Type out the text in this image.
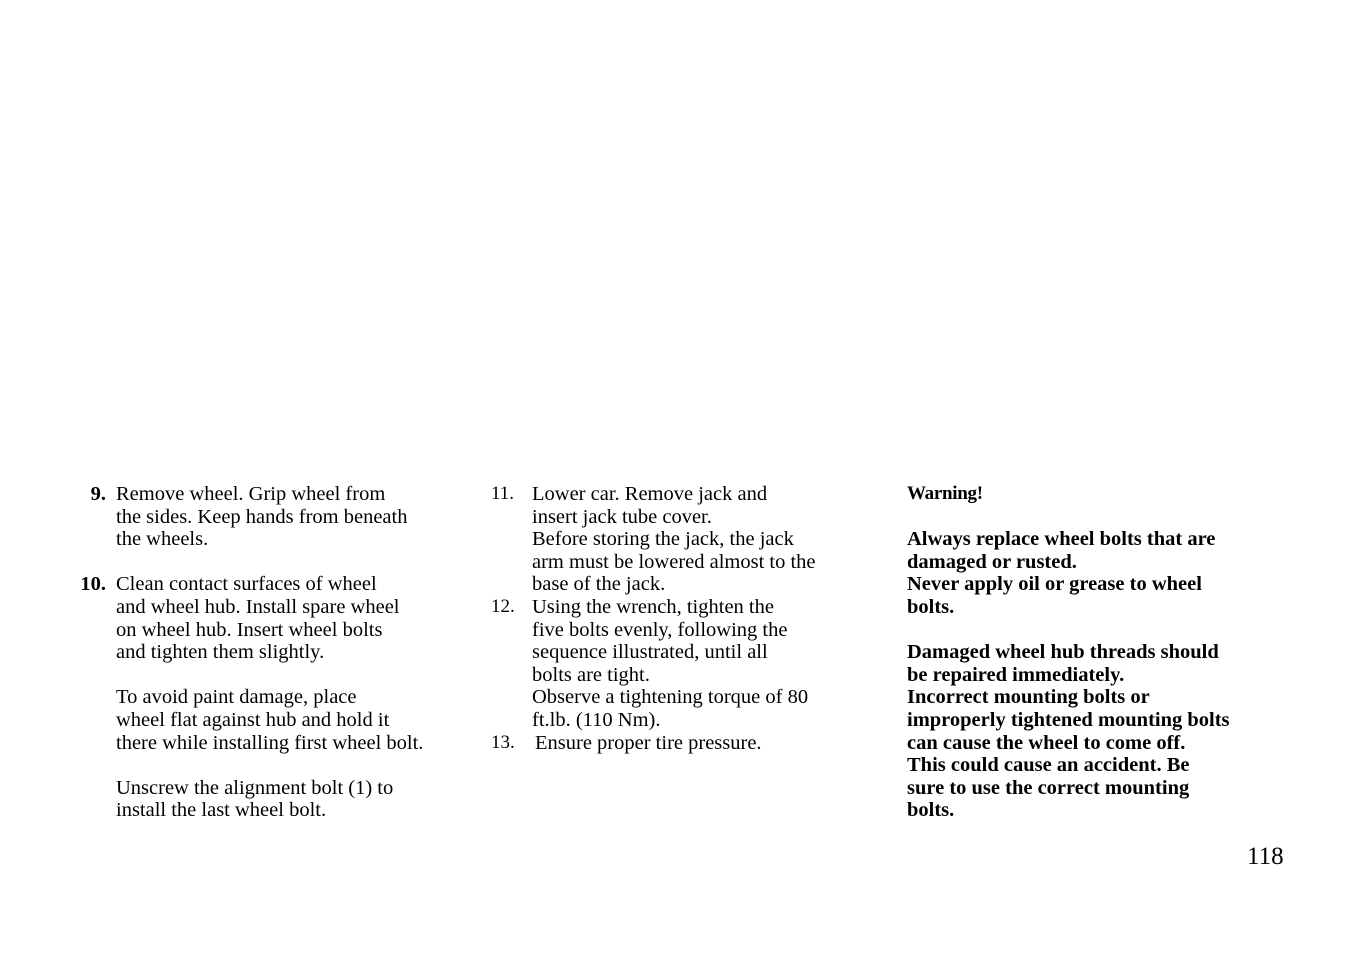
9. Remove wheel. Grip wheel from
the sides. Keep hands from beneath
the wheels.
10. Clean contact surfaces of wheel
and wheel hub. Install spare wheel
on wheel hub. Insert wheel bolts
and tighten them slightly.
To avoid paint damage, place
wheel flat against hub and hold it
there while installing first wheel bolt.
Unscrew the alignment bolt (1) to
install the last wheel bolt.
11. Lower car. Remove jack and
insert jack tube cover.
Before storing the jack, the jack
arm must be lowered almost to the
base of the jack.
12. Using the wrench, tighten the
five bolts evenly, following the
sequence illustrated, until all
bolts are tight.
Observe a tightening torque of 80
ft.lb. (110 Nm).
13. Ensure proper tire pressure.
Warning!
Always replace wheel bolts that are
damaged or rusted.
Never apply oil or grease to wheel
bolts.
Damaged wheel hub threads should
be repaired immediately.
Incorrect mounting bolts or
improperly tightened mounting bolts
can cause the wheel to come off.
This could cause an accident. Be
sure to use the correct mounting
bolts.
118
